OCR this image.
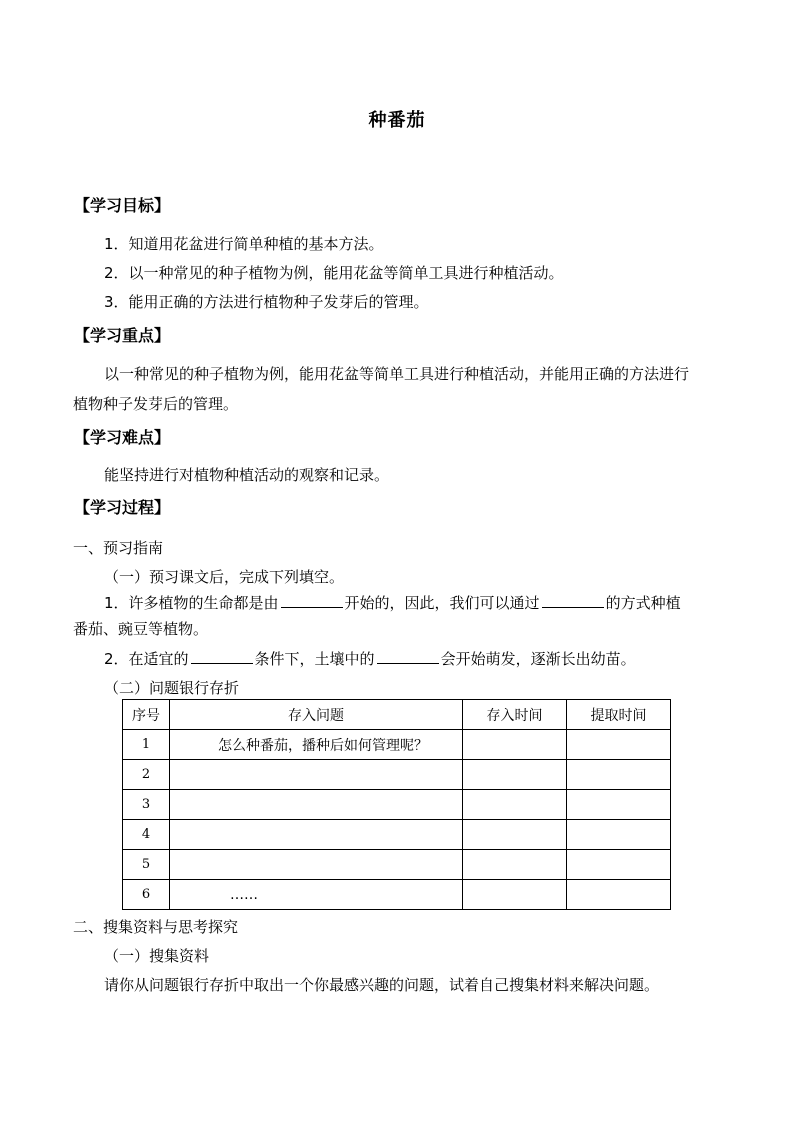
种番茄
【学习目标】
1．知道用花盆进行简单种植的基本方法。
2．以一种常见的种子植物为例，能用花盆等简单工具进行种植活动。
3．能用正确的方法进行植物种子发芽后的管理。
【学习重点】
以一种常见的种子植物为例，能用花盆等简单工具进行种植活动，并能用正确的方法进行
植物种子发芽后的管理。
【学习难点】
能坚持进行对植物种植活动的观察和记录。
【学习过程】
一、预习指南
（一）预习课文后，完成下列填空。
1．许多植物的生命都是由	开始的，因此，我们可以通过	的方式种植
番茄、豌豆等植物。
2．在适宜的	条件下，土壤中的	会开始萌发，逐渐长出幼苗。
（二）问题银行存折
序号	存入问题	存入时间	提取时间
1	怎么种番茄，播种后如何管理呢？		
2			
3			
4			
5			
6	……		
二、搜集资料与思考探究
（一）搜集资料
请你从问题银行存折中取出一个你最感兴趣的问题，试着自己搜集材料来解决问题。
